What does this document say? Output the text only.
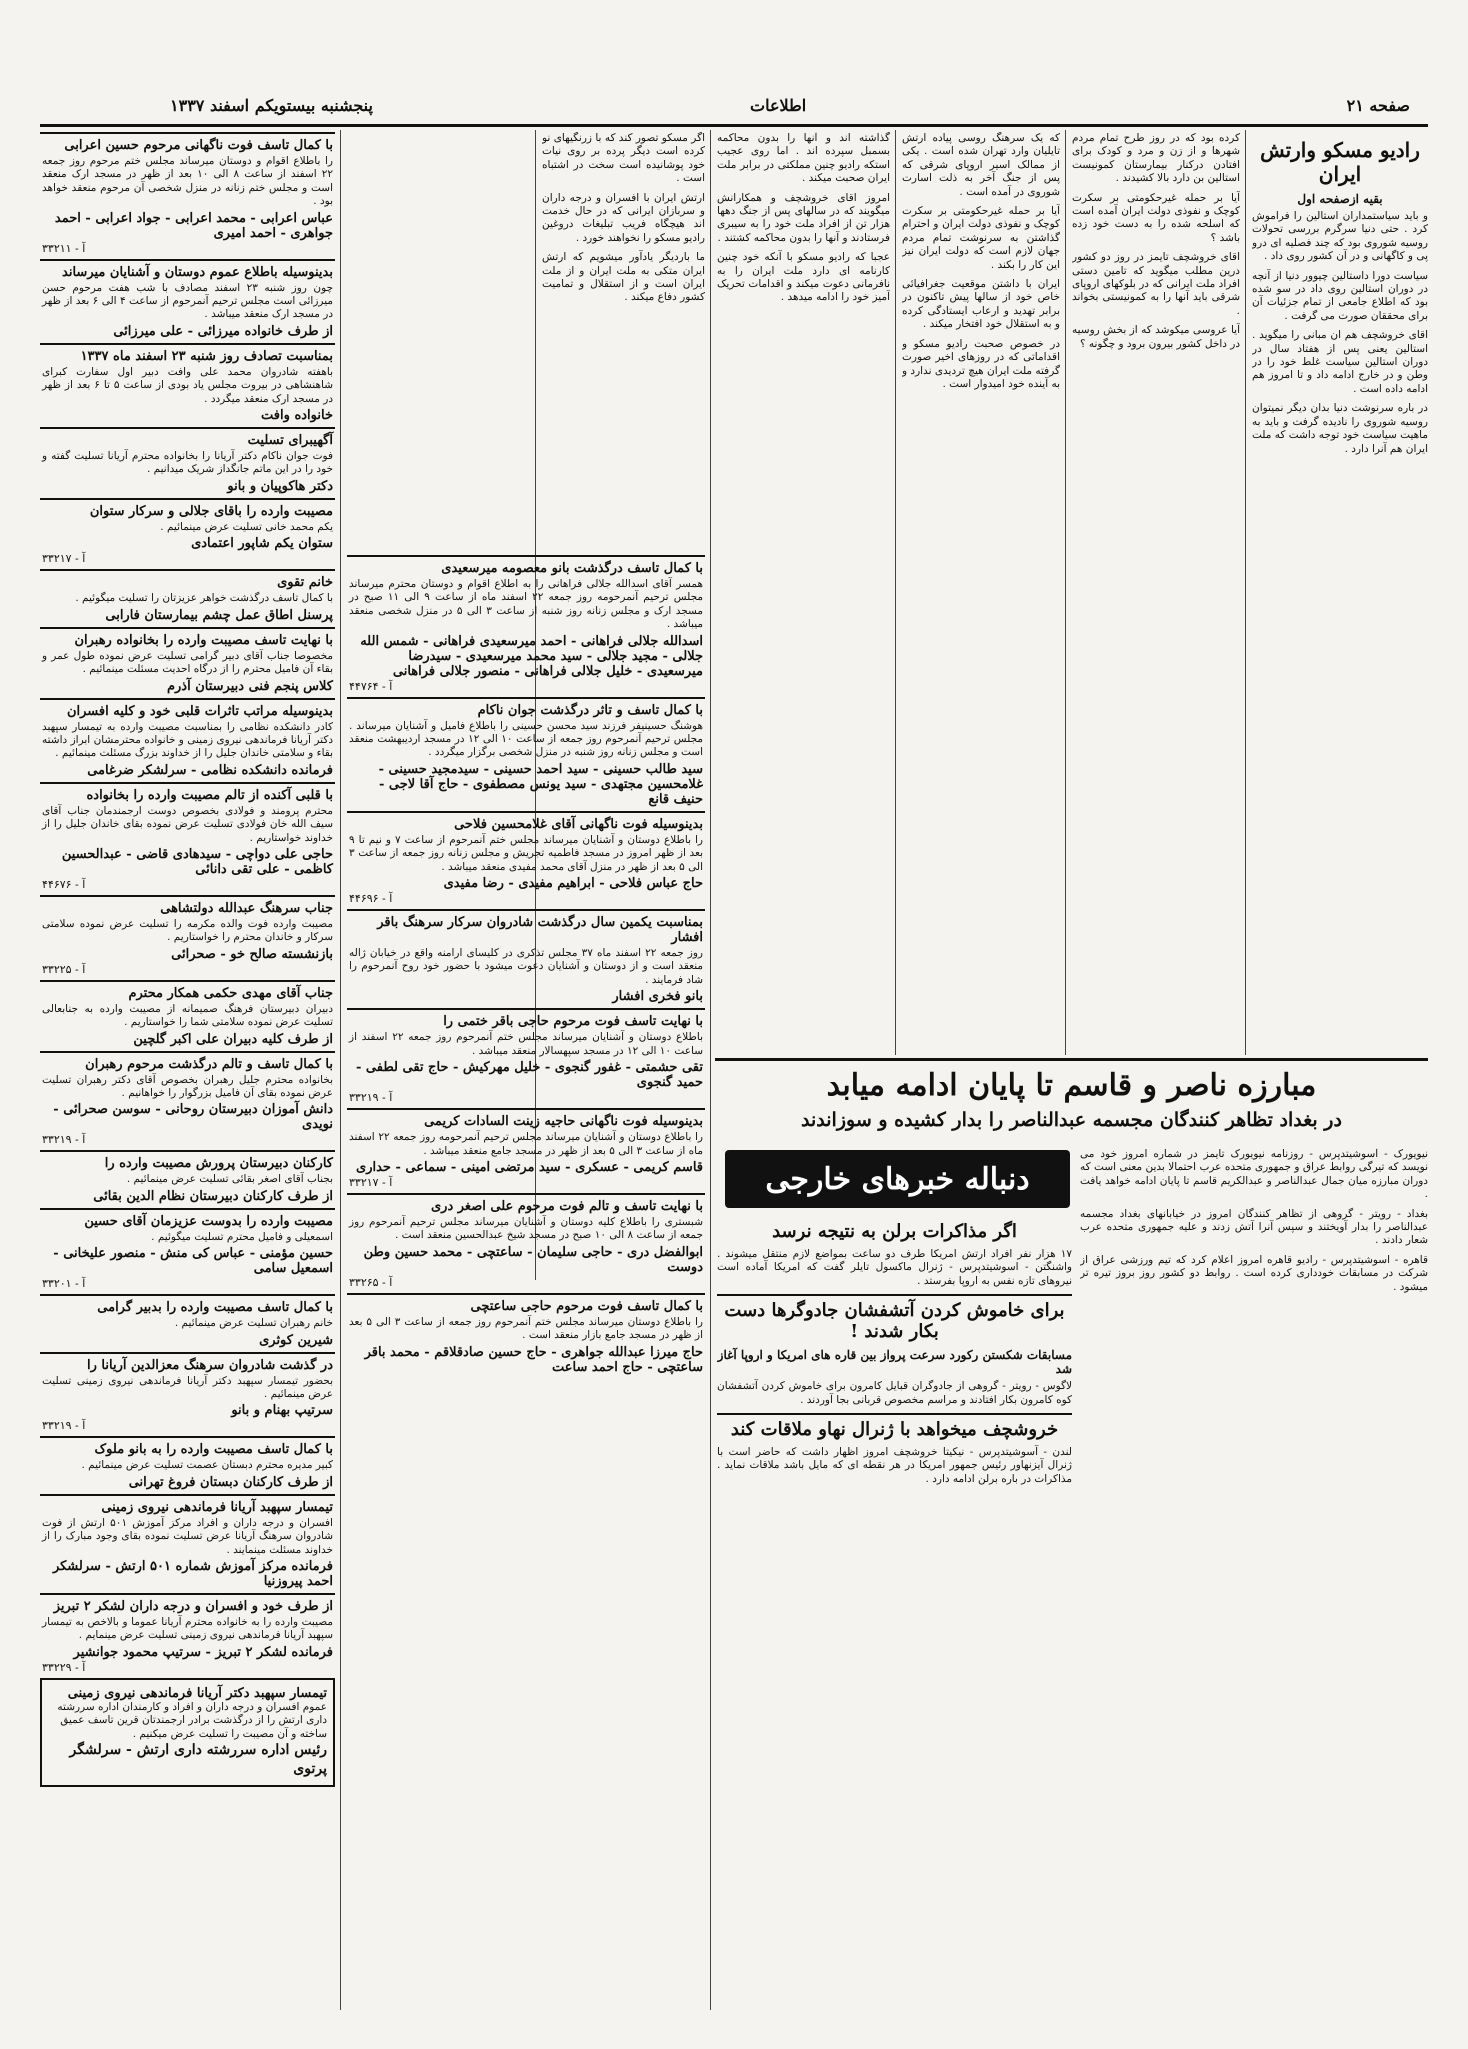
صفحه ۲۱
اطلاعات
پنجشنبه بیستویکم اسفند ۱۳۳۷
رادیو مسکو وارتش ایران
بقیه ازصفحه اول

و باید سیاستمداران استالین را فراموش کرد . حتی دنیا سرگرم بررسی تحولات روسیه شوروی بود که چند فصلیه ای درو پی و کاگهانی و در آن کشور روی داد .

سیاست دورا داستالین چیوور دنیا از آنچه در دوران استالین روی داد در سو شده بود که اطلاع جامعی از تمام جزئیات آن برای محققان صورت می گرفت .

اقای خروشچف هم ان مبانی را میگوید . استالین یعنی پس از هفتاد سال در دوران استالین سیاست غلط خود را در وطن و در خارج ادامه داد و تا امروز هم ادامه داده است .

در باره سرنوشت دنیا بدان دیگر نمیتوان روسیه شوروی را نادیده گرفت و باید به ماهیت سیاست خود توجه داشت که ملت ایران هم آنرا دارد .

کرده بود که در روز طرح تمام مردم شهرها و از زن و مرد و کودک برای افتادن درکنار بیمارستان کمونیست استالین بن دارد بالا کشیدند .

آیا بر حمله غیرحکومتی بر سکرت کوچک و نفوذی دولت ایران آمده است که اسلحه شده را به دست خود زده باشد ؟

اقای خروشچف تایمز در روز دو کشور درین مطلب میگوید که تامین دستی افراد ملت ایرانی که در بلوکهای اروپای شرقی باید آنها را به کمونیستی بخواند .

آیا عروسی میکوشد که از بخش روسیه در داخل کشور بیرون برود و چگونه ؟

که یک سرهنگ روسی پیاده ارتش تایلیان وارد تهران شده است . یکی از ممالک اسیر اروپای شرقی که پس از جنگ آخر به ذلت اسارت شوروی در آمده است .

آیا بر حمله غیرحکومتی بر سکرت کوچک و نفوذی دولت ایران و احترام گذاشتن به سرنوشت تمام مردم جهان لازم است که دولت ایران نیز این کار را بکند .

ایران با داشتن موقعیت جغرافیائی خاص خود از سالها پیش تاکنون در برابر تهدید و ارعاب ایستادگی کرده و به استقلال خود افتخار میکند .

در خصوص صحبت رادیو مسکو و اقداماتی که در روزهای اخیر صورت گرفته ملت ایران هیچ تردیدی ندارد و به آینده خود امیدوار است .

گذاشته اند و آنها را بدون محاکمه بسمبل سپرده اند . اما روی عجیب استکه رادیو چنین مملکتی در برابر ملت ایران صحبت میکند .

امروز اقای خروشچف و همکارانش میگویند که در سالهای پس از جنگ دهها هزار تن از افراد ملت خود را به سیبری فرستادند و آنها را بدون محاکمه کشتند .

عجبا که رادیو مسکو با آنکه خود چنین کارنامه ای دارد ملت ایران را به نافرمانی دعوت میکند و اقدامات تحریک آمیز خود را ادامه میدهد .

اگر مسکو تصور کند که با زرنگیهای نو کرده است دیگر پرده بر روی نیات خود پوشانیده است سخت در اشتباه است .

ارتش ایران با افسران و درجه داران و سربازان ایرانی که در حال خدمت اند هیچگاه فریب تبلیغات دروغین رادیو مسکو را نخواهند خورد .

ما باردیگر یادآور میشویم که ارتش ایران متکی به ملت ایران و از ملت ایران است و از استقلال و تمامیت کشور دفاع میکند .

با کمال تاسف درگذشت بانو معصومه میرسعیدی
همسر آقای اسدالله جلالی فراهانی را به اطلاع اقوام و دوستان محترم میرساند مجلس ترحیم آنمرحومه روز جمعه ۲۲ اسفند ماه از ساعت ۹ الی ۱۱ صبح در مسجد ارک و مجلس زنانه روز شنبه از ساعت ۳ الی ۵ در منزل شخصی منعقد میباشد .
اسدالله جلالی فراهانی - احمد میرسعیدی فراهانی - شمس الله جلالی - مجید جلالی - سید محمد میرسعیدی - سیدرضا میرسعیدی - خلیل جلالی فراهانی - منصور جلالی فراهانی
آ - ۴۴۷۶۴
با کمال تاسف و تاثر درگذشت جوان ناکام
هوشنگ حسینیفر فرزند سید محسن حسینی را باطلاع فامیل و آشنایان میرساند . مجلس ترحیم آنمرحوم روز جمعه از ساعت ۱۰ الی ۱۲ در مسجد اردیبهشت منعقد است و مجلس زنانه روز شنبه در منزل شخصی برگزار میگردد .
سید طالب حسینی - سید احمد حسینی - سیدمجید حسینی - غلامحسین مجتهدی - سید یونس مصطفوی - حاج آقا لاجی - حنیف قانع
بدینوسیله فوت ناگهانی آقای غلامحسین فلاحی
را باطلاع دوستان و آشنایان میرساند مجلس ختم آنمرحوم از ساعت ۷ و نیم تا ۹ بعد از ظهر امروز در مسجد فاطمیه تجریش و مجلس زنانه روز جمعه از ساعت ۳ الی ۵ بعد از ظهر در منزل آقای محمد مفیدی منعقد میباشد .
حاج عباس فلاحی - ابراهیم مفیدی - رضا مفیدی
آ - ۴۴۶۹۶
بمناسبت یکمین سال درگذشت شادروان سرکار سرهنگ باقر افشار
روز جمعه ۲۲ اسفند ماه ۳۷ مجلس تذکری در کلیسای ارامنه واقع در خیابان ژاله منعقد است و از دوستان و آشنایان دعوت میشود با حضور خود روح آنمرحوم را شاد فرمایند .
بانو فخری افشار
با نهایت تاسف فوت مرحوم حاجی باقر ختمی را
باطلاع دوستان و آشنایان میرساند مجلس ختم آنمرحوم روز جمعه ۲۲ اسفند از ساعت ۱۰ الی ۱۲ در مسجد سپهسالار منعقد میباشد .
تقی حشمتی - غفور گنجوی - خلیل مهرکیش - حاج تقی لطفی - حمید گنجوی
آ - ۳۳۲۱۹
بدینوسیله فوت ناگهانی حاجیه زینت السادات کریمی
را باطلاع دوستان و آشنایان میرساند مجلس ترحیم آنمرحومه روز جمعه ۲۲ اسفند ماه از ساعت ۳ الی ۵ بعد از ظهر در مسجد جامع منعقد میباشد .
قاسم کریمی - عسکری - سید مرتضی امینی - سماعی - حداری
آ - ۳۳۲۱۷
با نهایت تاسف و تالم فوت مرحوم علی اصغر دری
شبستری را باطلاع کلیه دوستان و آشنایان میرساند مجلس ترحیم آنمرحوم روز جمعه از ساعت ۸ الی ۱۰ صبح در مسجد شیخ عبدالحسین منعقد است .
ابوالفضل دری - حاجی سلیمان - ساعتچی - محمد حسین وطن دوست
آ - ۳۳۲۶۵
با کمال تاسف فوت مرحوم حاجی ساعتچی
را باطلاع دوستان میرساند مجلس ختم آنمرحوم روز جمعه از ساعت ۳ الی ۵ بعد از ظهر در مسجد جامع بازار منعقد است .
حاج میرزا عبدالله جواهری - حاج حسین صادقلاقم - محمد باقر ساعتچی - حاج احمد ساعت
با کمال تاسف فوت ناگهانی مرحوم حسین اعرابی
را باطلاع اقوام و دوستان میرساند مجلس ختم مرحوم روز جمعه ۲۲ اسفند از ساعت ۸ الی ۱۰ بعد از ظهر در مسجد ارک منعقد است و مجلس ختم زنانه در منزل شخصی آن مرحوم منعقد خواهد بود .
عباس اعرابی - محمد اعرابی - جواد اعرابی - احمد جواهری - احمد امیری
آ - ۳۳۲۱۱
بدینوسیله باطلاع عموم دوستان و آشنایان میرساند
چون روز شنبه ۲۳ اسفند مصادف با شب هفت مرحوم حسن میرزائی است مجلس ترحیم آنمرحوم از ساعت ۴ الی ۶ بعد از ظهر در مسجد ارک منعقد میباشد .
از طرف خانواده میرزائی - علی میرزائی
بمناسبت تصادف روز شنبه ۲۳ اسفند ماه ۱۳۳۷
باهفته شادروان محمد علی وافت دبیر اول سفارت کبرای شاهنشاهی در بیروت مجلس یاد بودی از ساعت ۵ تا ۶ بعد از ظهر در مسجد ارک منعقد میگردد .
خانواده وافت
آگهیبرای تسلیت
فوت جوان ناکام دکتر آریانا را بخانواده محترم آریانا تسلیت گفته و خود را در این ماتم جانگداز شریک میدانیم .
دکتر هاکوپیان و بانو
مصیبت وارده را باقای جلالی و سرکار ستوان
یکم محمد خانی تسلیت عرض مینمائیم .
ستوان یکم شاپور اعتمادی
آ - ۳۳۲۱۷
خانم تقوی
با کمال تاسف درگذشت خواهر عزیزتان را تسلیت میگوئیم .
پرسنل اطاق عمل چشم بیمارستان فارابی
با نهایت تاسف مصیبت وارده را بخانواده رهبران
مخصوصا جناب آقای دبیر گرامی تسلیت عرض نموده طول عمر و بقاء آن فامیل محترم را از درگاه احدیت مسئلت مینمائیم .
کلاس پنجم فنی دبیرستان آذرم
بدینوسیله مراتب تاثرات قلبی خود و کلیه افسران
کادر دانشکده نظامی را بمناسبت مصیبت وارده به تیمسار سپهبد دکتر آریانا فرماندهی نیروی زمینی و خانواده محترمشان ابراز داشته بقاء و سلامتی خاندان جلیل را از خداوند بزرگ مسئلت مینمائیم .
فرمانده دانشکده نظامی - سرلشکر ضرغامی
با قلبی آکنده از تالم مصیبت وارده را بخانواده
محترم پرومند و فولادی بخصوص دوست ارجمندمان جناب آقای سیف الله خان فولادی تسلیت عرض نموده بقای خاندان جلیل را از خداوند خواستاریم .
حاجی علی دواچی - سیدهادی قاضی - عبدالحسین کاظمی - علی تقی دانائی
آ - ۴۴۶۷۶
جناب سرهنگ عبدالله دولتشاهی
مصیبت وارده فوت والده مکرمه را تسلیت عرض نموده سلامتی سرکار و خاندان محترم را خواستاریم .
بازنشسته صالح خو - صحرائی
آ - ۳۳۲۲۵
جناب آقای مهدی حکمی همکار محترم
دبیران دبیرستان فرهنگ صمیمانه از مصیبت وارده به جنابعالی تسلیت عرض نموده سلامتی شما را خواستاریم .
از طرف کلیه دبیران علی اکبر گلچین
با کمال تاسف و تالم درگذشت مرحوم رهبران
بخانواده محترم جلیل رهبران بخصوص آقای دکتر رهبران تسلیت عرض نموده بقای آن فامیل بزرگوار را خواهانیم .
دانش آموزان دبیرستان روحانی - سوسن صحرائی - نویدی
آ - ۳۳۲۱۹
کارکنان دبیرستان پرورش مصیبت وارده را
بجناب آقای اصغر بقائی تسلیت عرض مینمائیم .
از طرف کارکنان دبیرستان نظام الدین بقائی
مصیبت وارده را بدوست عزیزمان آقای حسین
اسمعیلی و فامیل محترم تسلیت میگوئیم .
حسین مؤمنی - عباس کی منش - منصور علیخانی - اسمعیل سامی
آ - ۳۳۲۰۱
با کمال تاسف مصیبت وارده را بدبیر گرامی
خانم رهبران تسلیت عرض مینمائیم .
شیرین کوثری
در گذشت شادروان سرهنگ معزالدین آریانا را
بحضور تیمسار سپهبد دکتر آریانا فرماندهی نیروی زمینی تسلیت عرض مینمائیم .
سرتیپ بهنام و بانو
آ - ۳۳۲۱۹
با کمال تاسف مصیبت وارده را به بانو ملوک
کبیر مدیره محترم دبستان عصمت تسلیت عرض مینمائیم .
از طرف کارکنان دبستان فروغ تهرانی
تیمسار سپهبد آریانا فرماندهی نیروی زمینی
افسران و درجه داران و افراد مرکز آموزش ۵۰۱ ارتش از فوت شادروان سرهنگ آریانا عرض تسلیت نموده بقای وجود مبارک را از خداوند مسئلت مینمایند .
فرمانده مرکز آموزش شماره ۵۰۱ ارتش - سرلشکر احمد پیروزنیا
از طرف خود و افسران و درجه داران لشکر ۲ تبریز
مصیبت وارده را به خانواده محترم آریانا عموما و بالاخص به تیمسار سپهبد آریانا فرماندهی نیروی زمینی تسلیت عرض مینمایم .
فرمانده لشکر ۲ تبریز - سرتیپ محمود جوانشیر
آ - ۳۳۲۲۹
تیمسار سپهبد دکتر آریانا فرماندهی نیروی زمینی
عموم افسران و درجه داران و افراد و کارمندان اداره سررشته داری ارتش را از درگذشت برادر ارجمندتان قرین تاسف عمیق ساخته و آن مصیبت را تسلیت عرض میکنیم .
رئیس اداره سررشته داری ارتش - سرلشگر پرتوی
مبارزه ناصر و قاسم تا پایان ادامه میابد
در بغداد تظاهر کنندگان مجسمه عبدالناصر را بدار کشیده و سوزاندند
دنباله خبرهای خارجی

نیویورک - آسوشیتدپرس - روزنامه نیویورک تایمز در شماره امروز خود می نویسد که تیرگی روابط عراق و جمهوری متحده عرب احتمالا بدین معنی است که دوران مبارزه میان جمال عبدالناصر و عبدالکریم قاسم تا پایان ادامه خواهد یافت .

بغداد - رویتر - گروهی از تظاهر کنندگان امروز در خیابانهای بغداد مجسمه عبدالناصر را بدار آویختند و سپس آنرا آتش زدند و علیه جمهوری متحده عرب شعار دادند .

قاهره - اسوشیتدپرس - رادیو قاهره امروز اعلام کرد که تیم ورزشی عراق از شرکت در مسابقات خودداری کرده است . روابط دو کشور روز بروز تیره تر میشود .

اگر مذاکرات برلن به نتیجه نرسد

۱۷ هزار نفر افراد ارتش امریکا طرف دو ساعت بمواضع لازم منتقل میشوند . واشنگتن - اسوشیتدپرس - ژنرال ماکسول تایلر گفت که امریکا آماده است نیروهای تازه نفس به اروپا بفرستد .

برای خاموش کردن آتشفشان جادوگرها دست بکار شدند !
مسابقات شکستن رکورد سرعت پرواز بین قاره های امریکا و اروپا آغاز شد

لاگوس - رویتر - گروهی از جادوگران قبایل کامرون برای خاموش کردن آتشفشان کوه کامرون بکار افتادند و مراسم مخصوص قربانی بجا آوردند .

خروشچف میخواهد با ژنرال نهاو ملاقات کند

لندن - آسوشیتدپرس - نیکیتا خروشچف امروز اظهار داشت که حاضر است با ژنرال آیزنهاور رئیس جمهور امریکا در هر نقطه ای که مایل باشد ملاقات نماید . مذاکرات در باره برلن ادامه دارد .
